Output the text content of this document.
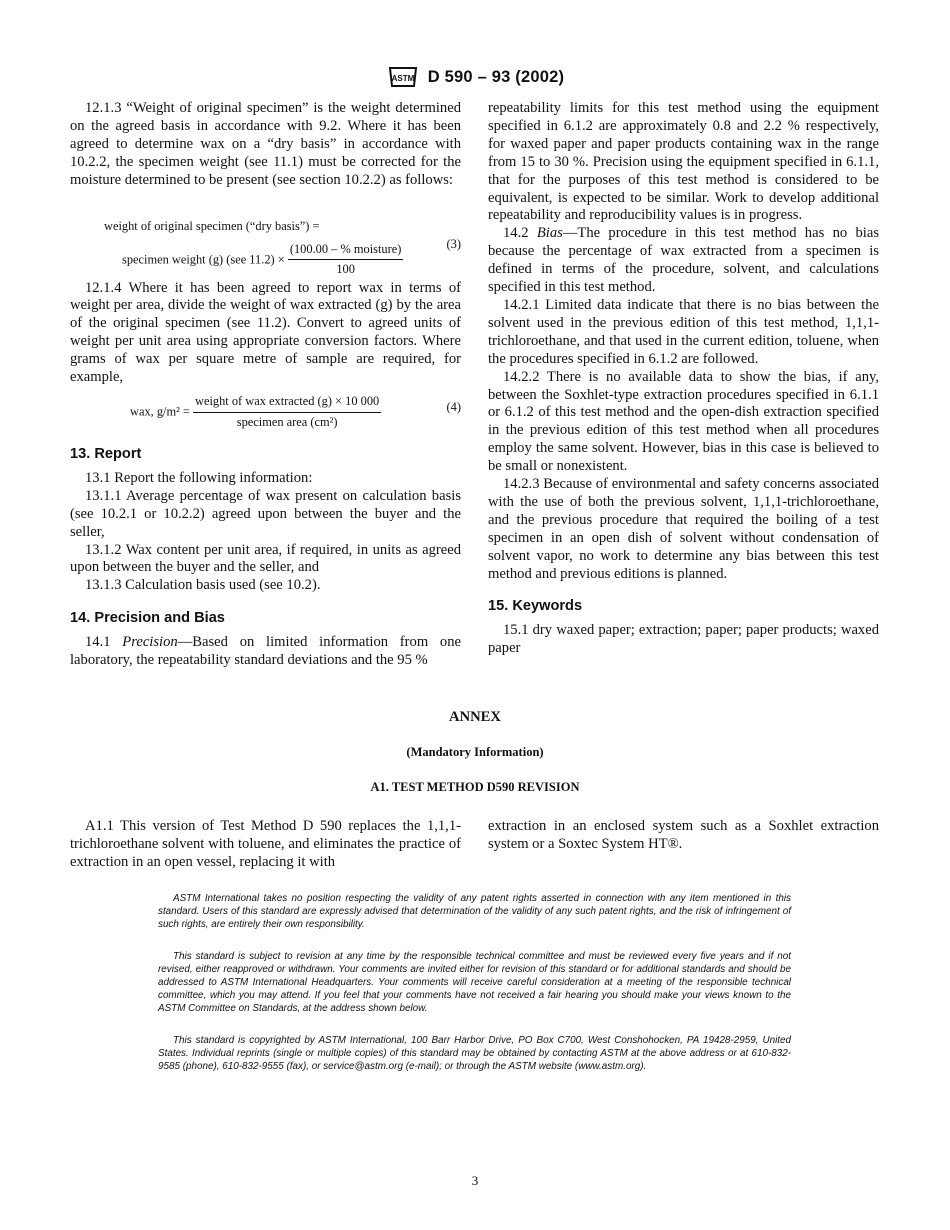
ASTM D 590 – 93 (2002)

12.1.3 “Weight of original specimen” is the weight determined on the agreed basis in accordance with 9.2. Where it has been agreed to determine wax on a “dry basis” in accordance with 10.2.2, the specimen weight (see 11.1) must be corrected for the moisture determined to be present (see section 10.2.2) as follows:

weight of original specimen (“dry basis”) =
specimen weight (g) (see $11.2) \times \frac{\text{(100.00 – \% moisture)}}{100}$	(3)

12.1.4 Where it has been agreed to report wax in terms of weight per area, divide the weight of wax extracted (g) by the area of the original specimen (see 11.2). Convert to agreed units of weight per unit area using appropriate conversion factors. Where grams of wax per square metre of sample are required, for example,

wax, $g/m^2 = \frac{\text{weight of wax extracted (g) × 10 000}}{\text{specimen area (cm²)}}$	(4)
13. Report

13.1 Report the following information:

13.1.1 Average percentage of wax present on calculation basis (see 10.2.1 or 10.2.2) agreed upon between the buyer and the seller,

13.1.2 Wax content per unit area, if required, in units as agreed upon between the buyer and the seller, and

13.1.3 Calculation basis used (see 10.2).

14. Precision and Bias

14.1 Precision—Based on limited information from one laboratory, the repeatability standard deviations and the 95 %

repeatability limits for this test method using the equipment specified in 6.1.2 are approximately 0.8 and 2.2 % respectively, for waxed paper and paper products containing wax in the range from 15 to 30 %. Precision using the equipment specified in 6.1.1, that for the purposes of this test method is considered to be equivalent, is expected to be similar. Work to develop additional repeatability and reproducibility values is in progress.

14.2 Bias—The procedure in this test method has no bias because the percentage of wax extracted from a specimen is defined in terms of the procedure, solvent, and calculations specified in this test method.

14.2.1 Limited data indicate that there is no bias between the solvent used in the previous edition of this test method, 1,1,1-trichloroethane, and that used in the current edition, toluene, when the procedures specified in 6.1.2 are followed.

14.2.2 There is no available data to show the bias, if any, between the Soxhlet-type extraction procedures specified in 6.1.1 or 6.1.2 of this test method and the open-dish extraction specified in the previous edition of this test method when all procedures employ the same solvent. However, bias in this case is believed to be small or nonexistent.

14.2.3 Because of environmental and safety concerns associated with the use of both the previous solvent, 1,1,1-trichloroethane, and the previous procedure that required the boiling of a test specimen in an open dish of solvent without condensation of solvent vapor, no work to determine any bias between this test method and previous editions is planned.

15. Keywords

15.1 dry waxed paper; extraction; paper; paper products; waxed paper

ANNEX
(Mandatory Information)
A1. TEST METHOD D590 REVISION

A1.1 This version of Test Method D 590 replaces the 1,1,1-trichloroethane solvent with toluene, and eliminates the practice of extraction in an open vessel, replacing it with

extraction in an enclosed system such as a Soxhlet extraction system or a Soxtec System HT®.

ASTM International takes no position respecting the validity of any patent rights asserted in connection with any item mentioned in this standard. Users of this standard are expressly advised that determination of the validity of any such patent rights, and the risk of infringement of such rights, are entirely their own responsibility.

This standard is subject to revision at any time by the responsible technical committee and must be reviewed every five years and if not revised, either reapproved or withdrawn. Your comments are invited either for revision of this standard or for additional standards and should be addressed to ASTM International Headquarters. Your comments will receive careful consideration at a meeting of the responsible technical committee, which you may attend. If you feel that your comments have not received a fair hearing you should make your views known to the ASTM Committee on Standards, at the address shown below.

This standard is copyrighted by ASTM International, 100 Barr Harbor Drive, PO Box C700, West Conshohocken, PA 19428-2959, United States. Individual reprints (single or multiple copies) of this standard may be obtained by contacting ASTM at the above address or at 610-832-9585 (phone), 610-832-9555 (fax), or service@astm.org (e-mail); or through the ASTM website (www.astm.org).

3
